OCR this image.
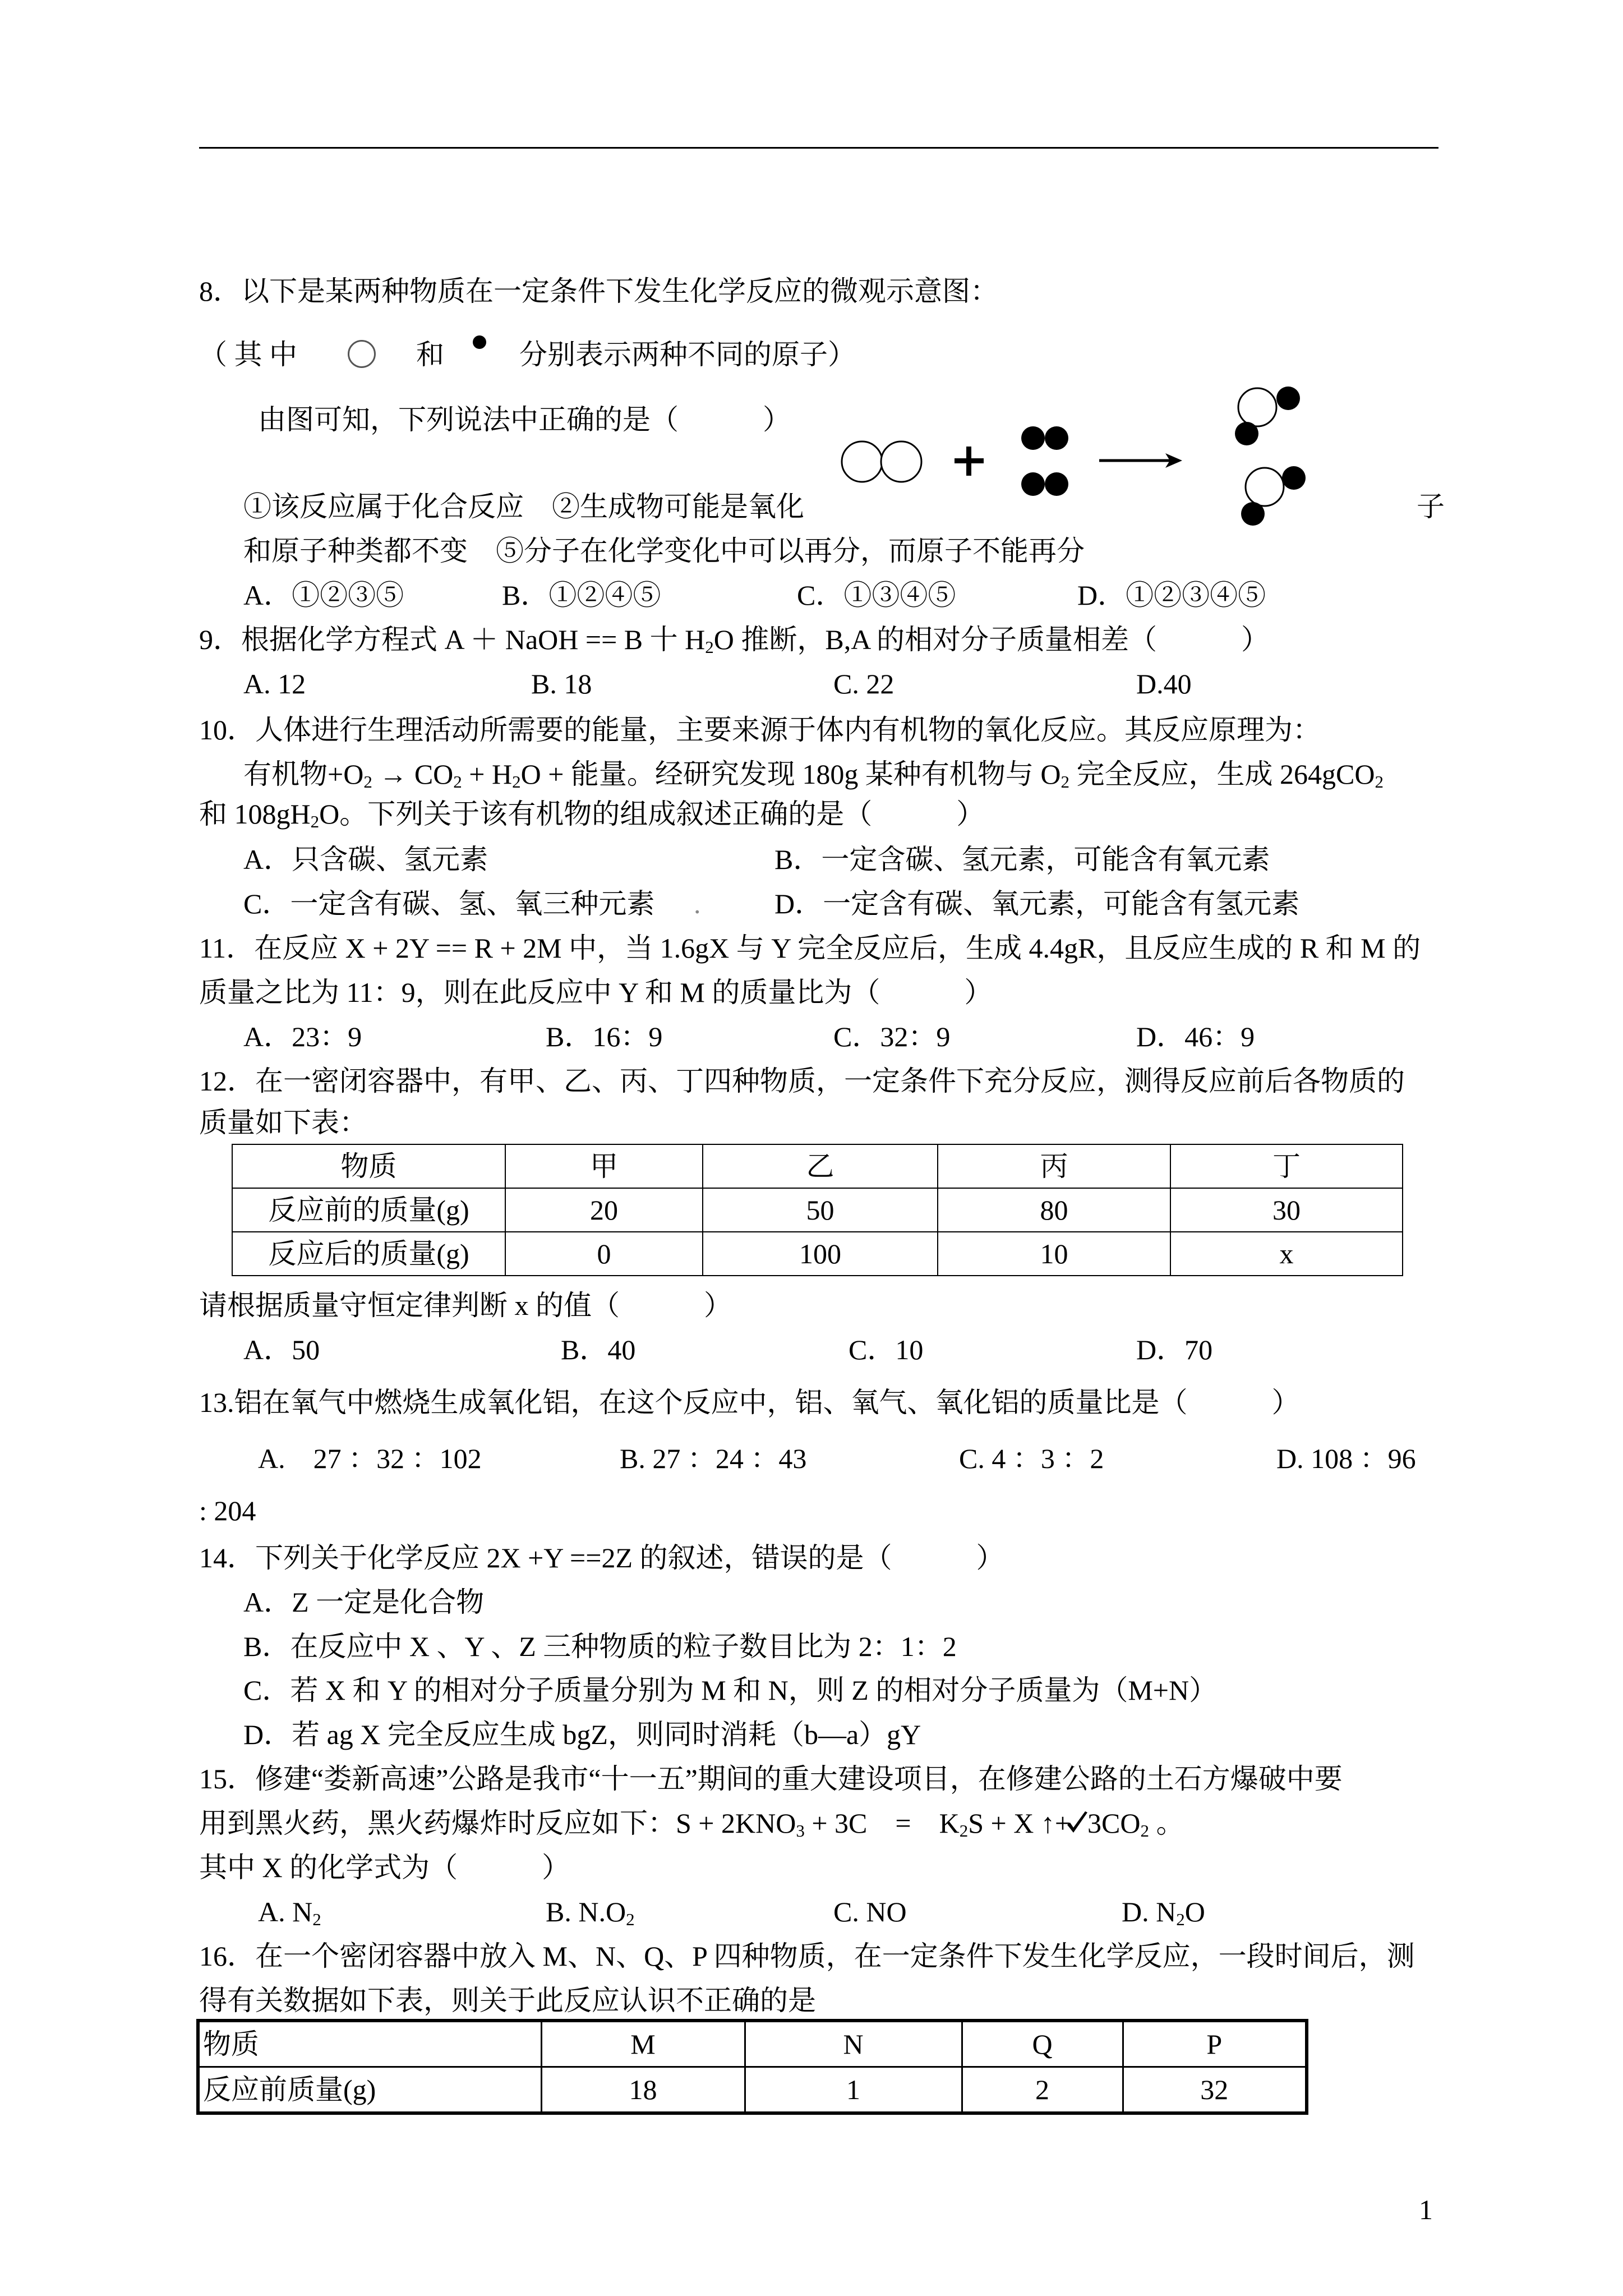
8．以下是某两种物质在一定条件下发生化学反应的微观示意图：
（ 其 中	和	分别表示两种不同的原子）
由图可知，下列说法中正确的是（　　　）
①该反应属于化合反应　②生成物可能是氧化	子
和原子种类都不变　⑤分子在化学变化中可以再分，而原子不能再分
A．①②③⑤	B．①②④⑤	C．①③④⑤	D．①②③④⑤
9．根据化学方程式 A ＋ NaOH == B 十 $H_2O$ 推断，B,A 的相对分子质量相差（　　　）
A. 12	B. 18	C. 22	D.40
10．人体进行生理活动所需要的能量，主要来源于体内有机物的氧化反应。其反应原理为：
有机物$+O_2 \to CO_2 + H_2O$ + 能量。经研究发现 180g 某种有机物与 $O_2$ 完全反应，生成 264gCO$_2$
和 $108gH_2O$。下列关于该有机物的组成叙述正确的是（　　　）
A．只含碳、氢元素	B．一定含碳、氢元素，可能含有氧元素
C．一定含有碳、氢、氧三种元素 .	D．一定含有碳、氧元素，可能含有氢元素
11．在反应 X + 2Y == R + 2M 中，当 1.6gX 与 Y 完全反应后，生成 4.4gR，且反应生成的 R 和 M 的
质量之比为 11：9，则在此反应中 Y 和 M 的质量比为（　　　）
A．23：9	B．16：9	C．32：9	D．46：9
12．在一密闭容器中，有甲、乙、丙、丁四种物质，一定条件下充分反应，测得反应前后各物质的
质量如下表：
物质	甲	乙	丙	丁
反应前的质量(g)	20	50	80	30
反应后的质量(g)	0	100	10	x
请根据质量守恒定律判断 x 的值（　　　）
A．50	B．40	C．10	D．70
13.铝在氧气中燃烧生成氧化铝，在这个反应中，铝、氧气、氧化铝的质量比是（　　　）
A.　27 ：32 ：102	B. 27 ：24 ：43	C. 4 ：3 ：2	D. 108 ：96
: 204
14．下列关于化学反应 2X +Y ==2Z 的叙述，错误的是（　　　）
A．Z 一定是化合物
B．在反应中 X 、Y 、Z 三种物质的粒子数目比为 2：1：2
C．若 X 和 Y 的相对分子质量分别为 M 和 N，则 Z 的相对分子质量为（M+N）
D．若 ag X 完全反应生成 bgZ，则同时消耗（b—a）gY
15．修建“娄新高速”公路是我市“十一五”期间的重大建设项目，在修建公路的土石方爆破中要
用到黑火药，黑火药爆炸时反应如下：$S + 2KNO_3 + 3C$　=　$K_2S + X$ ↑+ $3CO_2$ 。
其中 X 的化学式为（　　　）
A. $N_2$	B. $N.O_2$	C. NO	D. $N_2O$
16．在一个密闭容器中放入 M、N、Q、P 四种物质，在一定条件下发生化学反应，一段时间后，测
得有关数据如下表，则关于此反应认识不正确的是
物质	M	N	Q	P
反应前质量(g)	18	1	2	32
1
